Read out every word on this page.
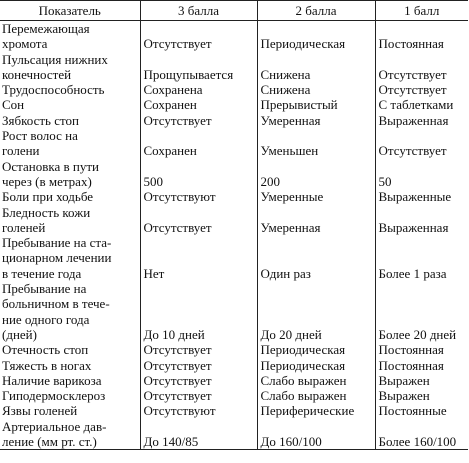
Показатель	3 балла	2 балла	1 балл
Перемежающая
хромота	Отсутствует	Периодическая	Постоянная
Пульсация нижних
конечностей	Прощупывается	Снижена	Отсутствует
Трудоспособность	Сохранена	Снижена	Отсутствует
Сон	Сохранен	Прерывистый	С таблетками
Зябкость стоп	Отсутствует	Умеренная	Выраженная
Рост волос на
голени	Сохранен	Уменьшен	Отсутствует
Остановка в пути
через (в метрах)	500	200	50
Боли при ходьбе	Отсутствуют	Умеренные	Выраженные
Бледность кожи
голеней	Отсутствует	Умеренная	Выраженная
Пребывание на ста-
ционарном лечении
в течение года	Нет	Один раз	Более 1 раза
Пребывание на
больничном в тече-
ние одного года
(дней)	До 10 дней	До 20 дней	Более 20 дней
Отечность стоп	Отсутствует	Периодическая	Постоянная
Тяжесть в ногах	Отсутствует	Периодическая	Постоянная
Наличие варикоза	Отсутствует	Слабо выражен	Выражен
Гиподермосклероз	Отсутствует	Слабо выражен	Выражен
Язвы голеней	Отсутствуют	Периферические	Постоянные
Артериальное дав-
ление (мм рт. ст.)	До 140/85	До 160/100	Более 160/100
